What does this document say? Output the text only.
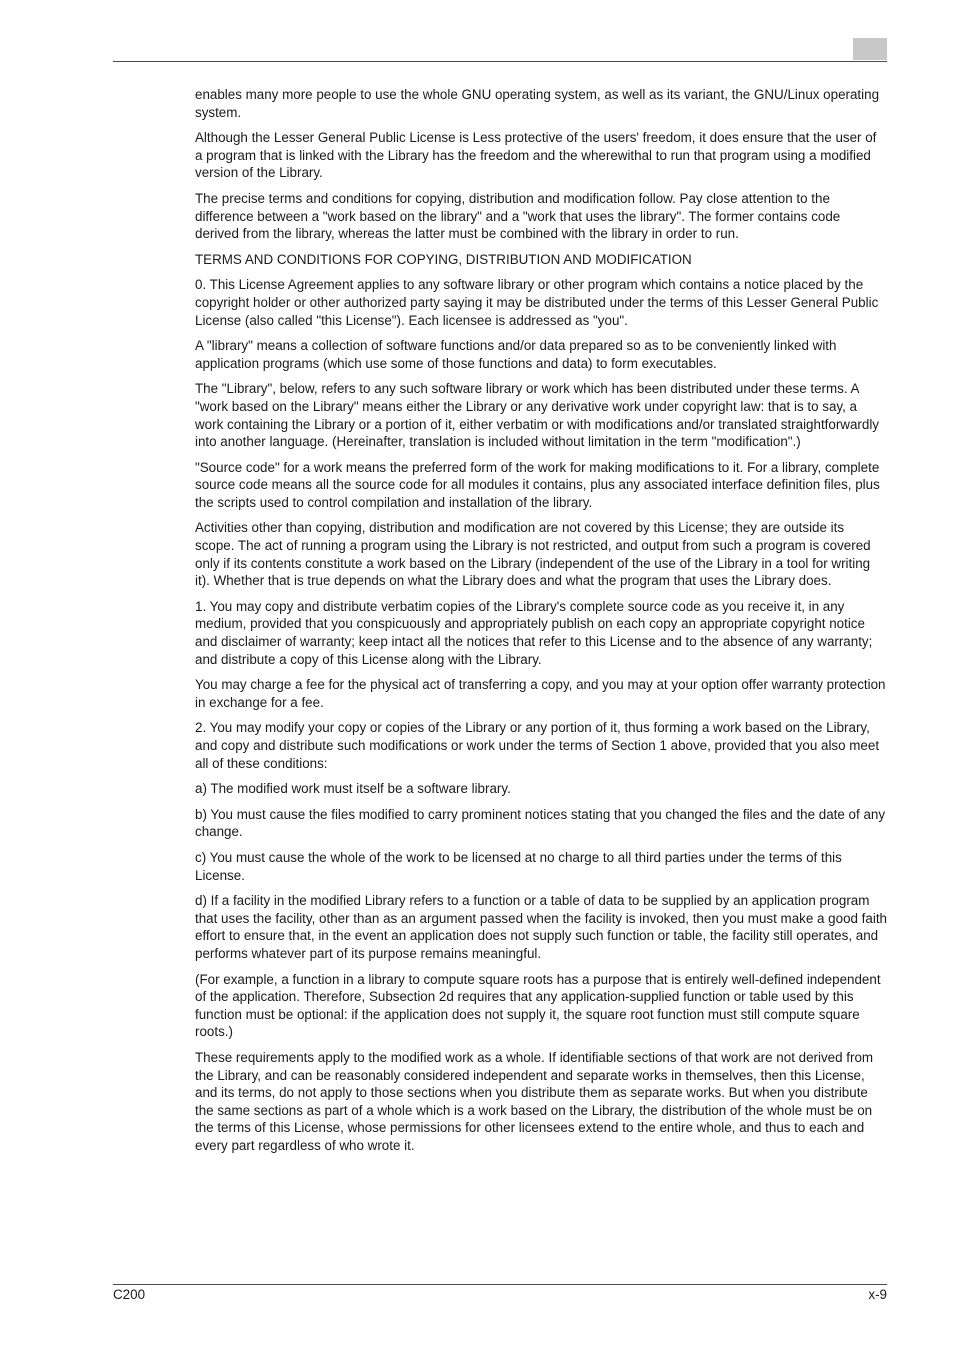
enables many more people to use the whole GNU operating system, as well as its variant, the GNU/Linux operating system.

Although the Lesser General Public License is Less protective of the users' freedom, it does ensure that the user of a program that is linked with the Library has the freedom and the wherewithal to run that program using a modified version of the Library.

The precise terms and conditions for copying, distribution and modification follow. Pay close attention to the difference between a "work based on the library" and a "work that uses the library". The former contains code derived from the library, whereas the latter must be combined with the library in order to run.

TERMS AND CONDITIONS FOR COPYING, DISTRIBUTION AND MODIFICATION

0. This License Agreement applies to any software library or other program which contains a notice placed by the copyright holder or other authorized party saying it may be distributed under the terms of this Lesser General Public License (also called "this License"). Each licensee is addressed as "you".

A "library" means a collection of software functions and/or data prepared so as to be conveniently linked with application programs (which use some of those functions and data) to form executables.

The "Library", below, refers to any such software library or work which has been distributed under these terms. A "work based on the Library" means either the Library or any derivative work under copyright law: that is to say, a work containing the Library or a portion of it, either verbatim or with modifications and/or translated straightforwardly into another language. (Hereinafter, translation is included without limitation in the term "modification".)

"Source code" for a work means the preferred form of the work for making modifications to it. For a library, complete source code means all the source code for all modules it contains, plus any associated interface definition files, plus the scripts used to control compilation and installation of the library.

Activities other than copying, distribution and modification are not covered by this License; they are outside its scope. The act of running a program using the Library is not restricted, and output from such a program is covered only if its contents constitute a work based on the Library (independent of the use of the Library in a tool for writing it). Whether that is true depends on what the Library does and what the program that uses the Library does.

1. You may copy and distribute verbatim copies of the Library's complete source code as you receive it, in any medium, provided that you conspicuously and appropriately publish on each copy an appropriate copyright notice and disclaimer of warranty; keep intact all the notices that refer to this License and to the absence of any warranty; and distribute a copy of this License along with the Library.

You may charge a fee for the physical act of transferring a copy, and you may at your option offer warranty protection in exchange for a fee.

2. You may modify your copy or copies of the Library or any portion of it, thus forming a work based on the Library, and copy and distribute such modifications or work under the terms of Section 1 above, provided that you also meet all of these conditions:

a) The modified work must itself be a software library.

b) You must cause the files modified to carry prominent notices stating that you changed the files and the date of any change.

c) You must cause the whole of the work to be licensed at no charge to all third parties under the terms of this License.

d) If a facility in the modified Library refers to a function or a table of data to be supplied by an application program that uses the facility, other than as an argument passed when the facility is invoked, then you must make a good faith effort to ensure that, in the event an application does not supply such function or table, the facility still operates, and performs whatever part of its purpose remains meaningful.

(For example, a function in a library to compute square roots has a purpose that is entirely well-defined independent of the application. Therefore, Subsection 2d requires that any application-supplied function or table used by this function must be optional: if the application does not supply it, the square root function must still compute square roots.)

These requirements apply to the modified work as a whole. If identifiable sections of that work are not derived from the Library, and can be reasonably considered independent and separate works in themselves, then this License, and its terms, do not apply to those sections when you distribute them as separate works. But when you distribute the same sections as part of a whole which is a work based on the Library, the distribution of the whole must be on the terms of this License, whose permissions for other licensees extend to the entire whole, and thus to each and every part regardless of who wrote it.

C200	x-9
